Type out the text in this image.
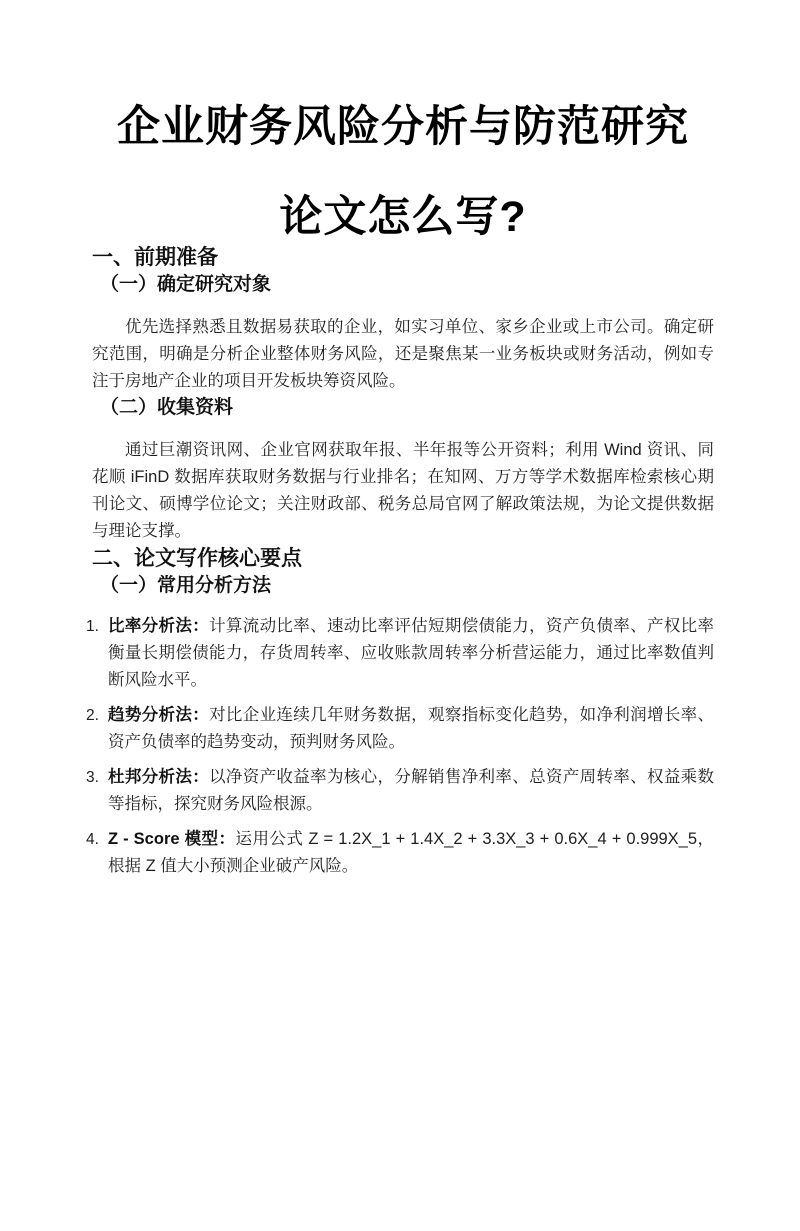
企业财务风险分析与防范研究
论文怎么写?
一、前期准备
（一）确定研究对象

优先选择熟悉且数据易获取的企业，如实习单位、家乡企业或上市公司。确定研究范围，明确是分析企业整体财务风险，还是聚焦某一业务板块或财务活动，例如专注于房地产企业的项目开发板块筹资风险。

（二）收集资料

通过巨潮资讯网、企业官网获取年报、半年报等公开资料；利用 Wind 资讯、同花顺 iFinD 数据库获取财务数据与行业排名；在知网、万方等学术数据库检索核心期刊论文、硕博学位论文；关注财政部、税务总局官网了解政策法规，为论文提供数据与理论支撑。

二、论文写作核心要点
（一）常用分析方法
1. 比率分析法：计算流动比率、速动比率评估短期偿债能力，资产负债率、产权比率衡量长期偿债能力，存货周转率、应收账款周转率分析营运能力，通过比率数值判断风险水平。

2. 趋势分析法：对比企业连续几年财务数据，观察指标变化趋势，如净利润增长率、资产负债率的趋势变动，预判财务风险。

3. 杜邦分析法：以净资产收益率为核心，分解销售净利率、总资产周转率、权益乘数等指标，探究财务风险根源。

4. Z - Score 模型：运用公式 Z = 1.2X_1 + 1.4X_2 + 3.3X_3 + 0.6X_4 + 0.999X_5，根据 Z 值大小预测企业破产风险。
